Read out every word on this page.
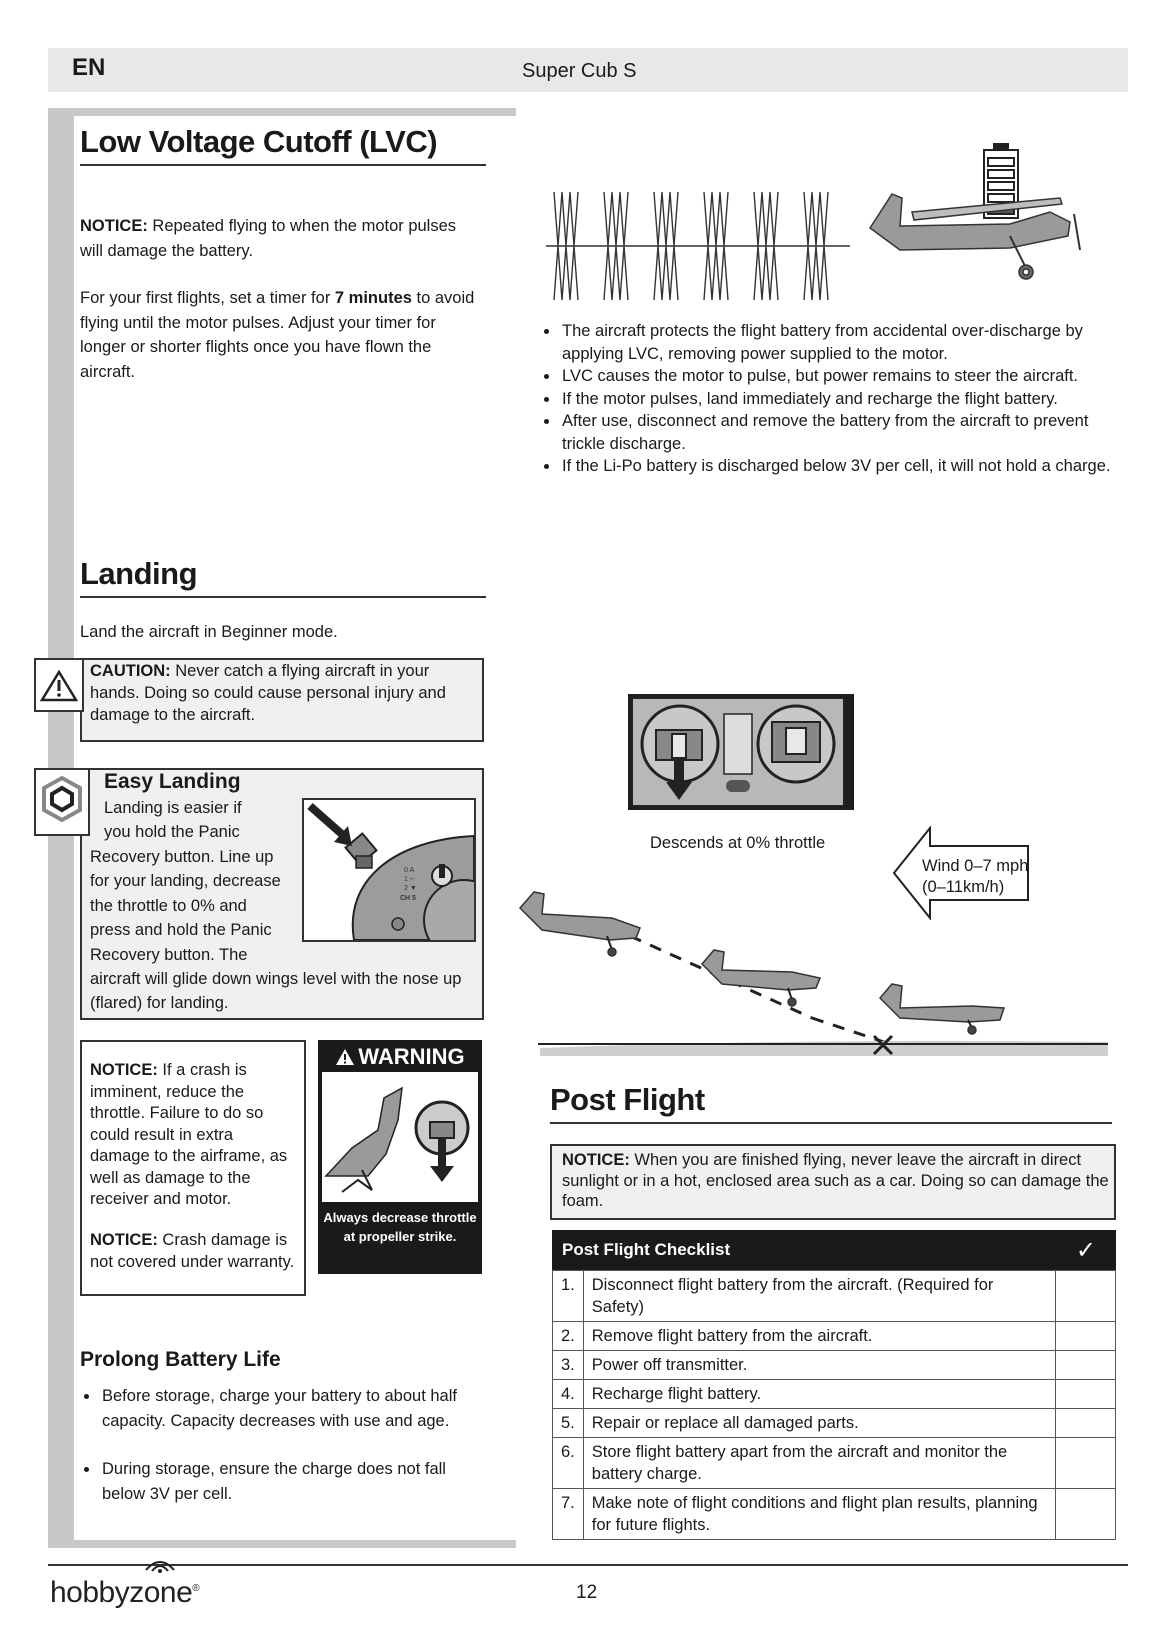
EN	Super Cub S
Low Voltage Cutoff (LVC)

NOTICE: Repeated flying to when the motor pulses will damage the battery.

For your first flights, set a timer for 7 minutes to avoid flying until the motor pulses. Adjust your timer for longer or shorter flights once you have flown the aircraft.

• The aircraft protects the flight battery from accidental over-discharge by applying LVC, removing power supplied to the motor.
• LVC causes the motor to pulse, but power remains to steer the aircraft.
• If the motor pulses, land immediately and recharge the flight battery.
• After use, disconnect and remove the battery from the aircraft to prevent trickle discharge.
• If the Li-Po battery is discharged below 3V per cell, it will not hold a charge.
Landing

Land the aircraft in Beginner mode.

CAUTION: Never catch a flying aircraft in your hands. Doing so could cause personal injury and damage to the aircraft.

Easy Landing
Landing is easier if
you hold the Panic
Recovery button. Line up
for your landing, decrease
the throttle to 0% and
press and hold the Panic
Recovery button. The
aircraft will glide down wings level with the nose up (flared) for landing.
0 A
1 ⌐
2 ▼
CH 5
Descends at 0% throttle
Wind 0–7 mph
(0–11km/h)

NOTICE: If a crash is imminent, reduce the throttle. Failure to do so could result in extra damage to the airframe, as well as damage to the receiver and motor.

NOTICE: Crash damage is not covered under warranty.

WARNING
Always decrease throttle at propeller strike.
Prolong Battery Life
• Before storage, charge your battery to about half capacity. Capacity decreases with use and age.
• During storage, ensure the charge does not fall below 3V per cell.
Post Flight

NOTICE: When you are finished flying, never leave the aircraft in direct sunlight or in a hot, enclosed area such as a car. Doing so can damage the foam.

Post Flight Checklist	✓
1.	Disconnect flight battery from the aircraft. (Required for Safety)	
2.	Remove flight battery from the aircraft.	
3.	Power off transmitter.	
4.	Recharge flight battery.	
5.	Repair or replace all damaged parts.	
6.	Store flight battery apart from the aircraft and monitor the battery charge.	
7.	Make note of flight conditions and flight plan results, planning for future flights.	
hobbyzone®	12
